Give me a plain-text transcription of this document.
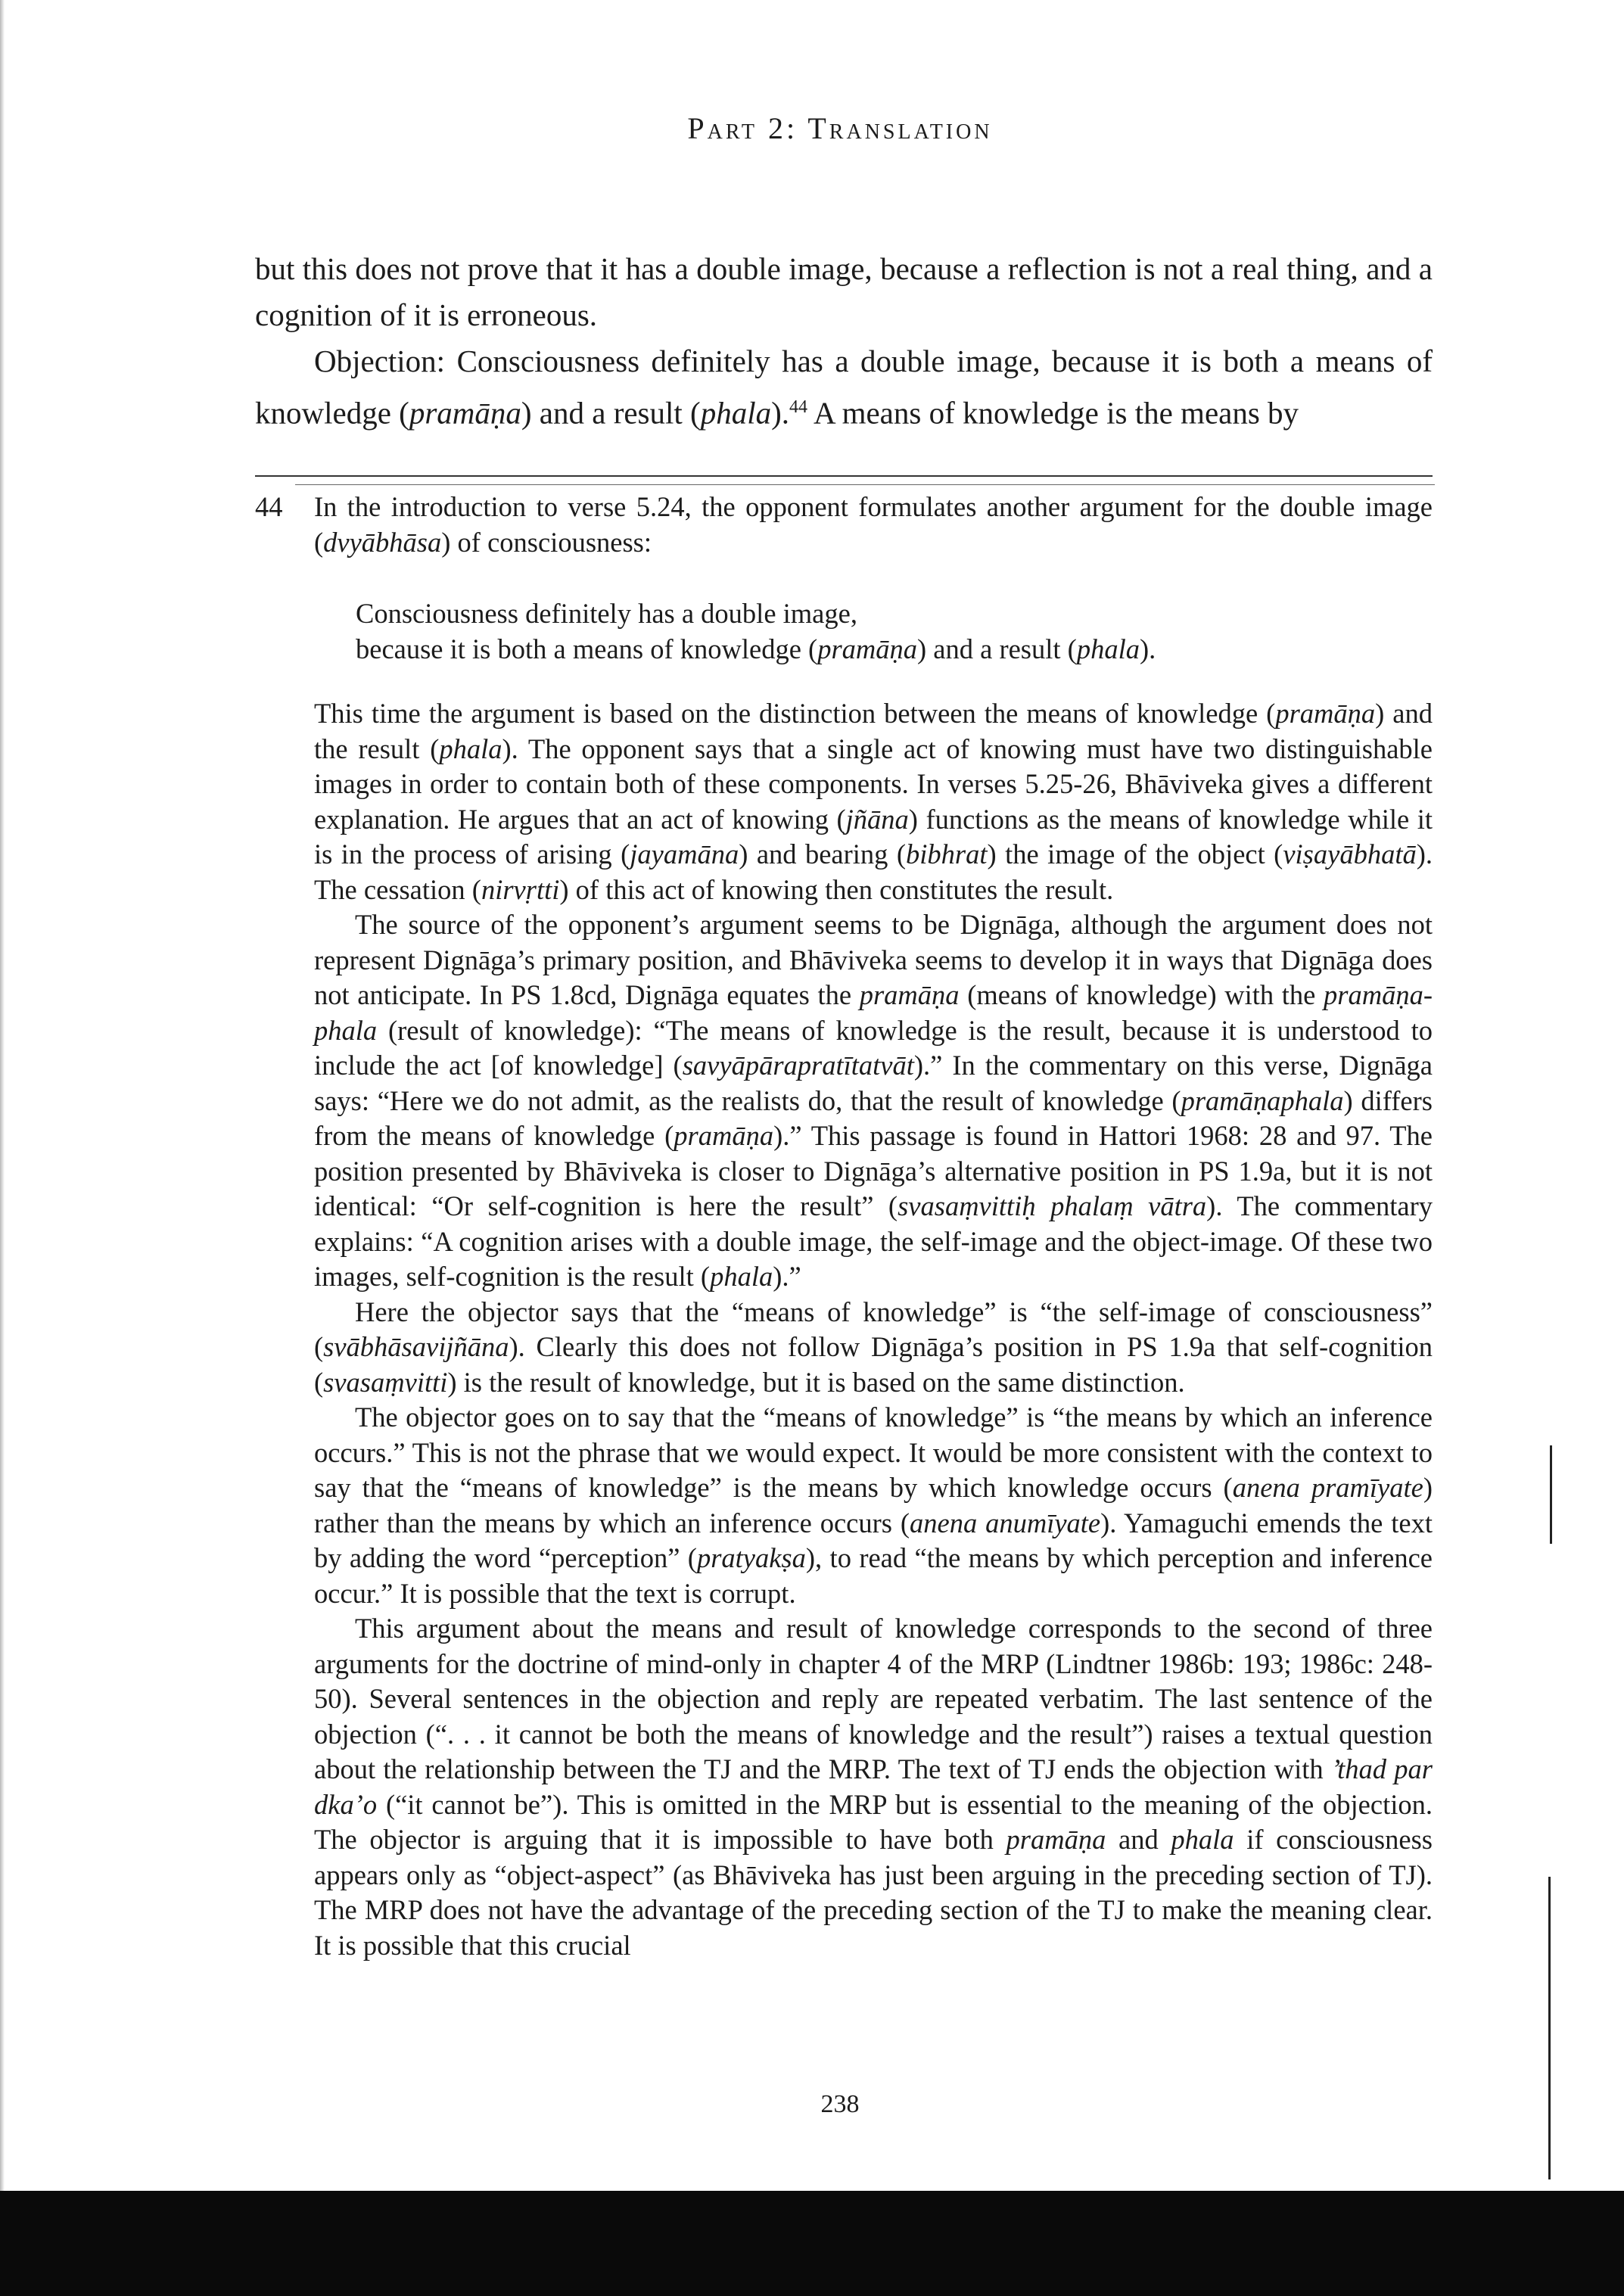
Part 2: Translation

but this does not prove that it has a double image, because a reflection is not a real thing, and a cognition of it is erroneous.

Objection: Consciousness definitely has a double image, because it is both a means of knowledge (pramāṇa) and a result (phala).$^{44}$ A means of knowledge is the means by

44 In the introduction to verse 5.24, the opponent formulates another argument for the double image (dvyābhāsa) of consciousness:
Consciousness definitely has a double image,
because it is both a means of knowledge (pramāṇa) and a result (phala).

This time the argument is based on the distinction between the means of knowledge (pramāṇa) and the result (phala). The opponent says that a single act of knowing must have two distinguishable images in order to contain both of these components. In verses 5.25-26, Bhāviveka gives a different explanation. He argues that an act of knowing (jñāna) functions as the means of knowledge while it is in the process of arising (jayamāna) and bearing (bibhrat) the image of the object (viṣayābhatā). The cessation (nirvṛtti) of this act of knowing then constitutes the result.

The source of the opponent’s argument seems to be Dignāga, although the argument does not represent Dignāga’s primary position, and Bhāviveka seems to develop it in ways that Dignāga does not anticipate. In PS 1.8cd, Dignāga equates the pramāṇa (means of knowledge) with the pramāṇa-phala (result of knowledge): “The means of knowledge is the result, because it is understood to include the act [of knowledge] (savyāpārapratītatvāt).” In the commentary on this verse, Dignāga says: “Here we do not admit, as the realists do, that the result of knowledge (pramāṇaphala) differs from the means of knowledge (pramāṇa).” This passage is found in Hattori 1968: 28 and 97. The position presented by Bhāviveka is closer to Dignāga’s alternative position in PS 1.9a, but it is not identical: “Or self-cognition is here the result” (svasaṃvittiḥ phalaṃ vātra). The commentary explains: “A cognition arises with a double image, the self-image and the object-image. Of these two images, self-cognition is the result (phala).”

Here the objector says that the “means of knowledge” is “the self-image of consciousness” (svābhāsavijñāna). Clearly this does not follow Dignāga’s position in PS 1.9a that self-cognition (svasaṃvitti) is the result of knowledge, but it is based on the same distinction.

The objector goes on to say that the “means of knowledge” is “the means by which an inference occurs.” This is not the phrase that we would expect. It would be more consistent with the context to say that the “means of knowledge” is the means by which knowledge occurs (anena pramīyate) rather than the means by which an inference occurs (anena anumīyate). Yamaguchi emends the text by adding the word “perception” (pratyakṣa), to read “the means by which perception and inference occur.” It is possible that the text is corrupt.

This argument about the means and result of knowledge corresponds to the second of three arguments for the doctrine of mind-only in chapter 4 of the MRP (Lindtner 1986b: 193; 1986c: 248-50). Several sentences in the objection and reply are repeated verbatim. The last sentence of the objection (“. . . it cannot be both the means of knowledge and the result”) raises a textual question about the relationship between the TJ and the MRP. The text of TJ ends the objection with ’thad par dka’o (“it cannot be”). This is omitted in the MRP but is essential to the meaning of the objection. The objector is arguing that it is impossible to have both pramāṇa and phala if consciousness appears only as “object-aspect” (as Bhāviveka has just been arguing in the preceding section of TJ). The MRP does not have the advantage of the preceding section of the TJ to make the meaning clear. It is possible that this crucial

238
